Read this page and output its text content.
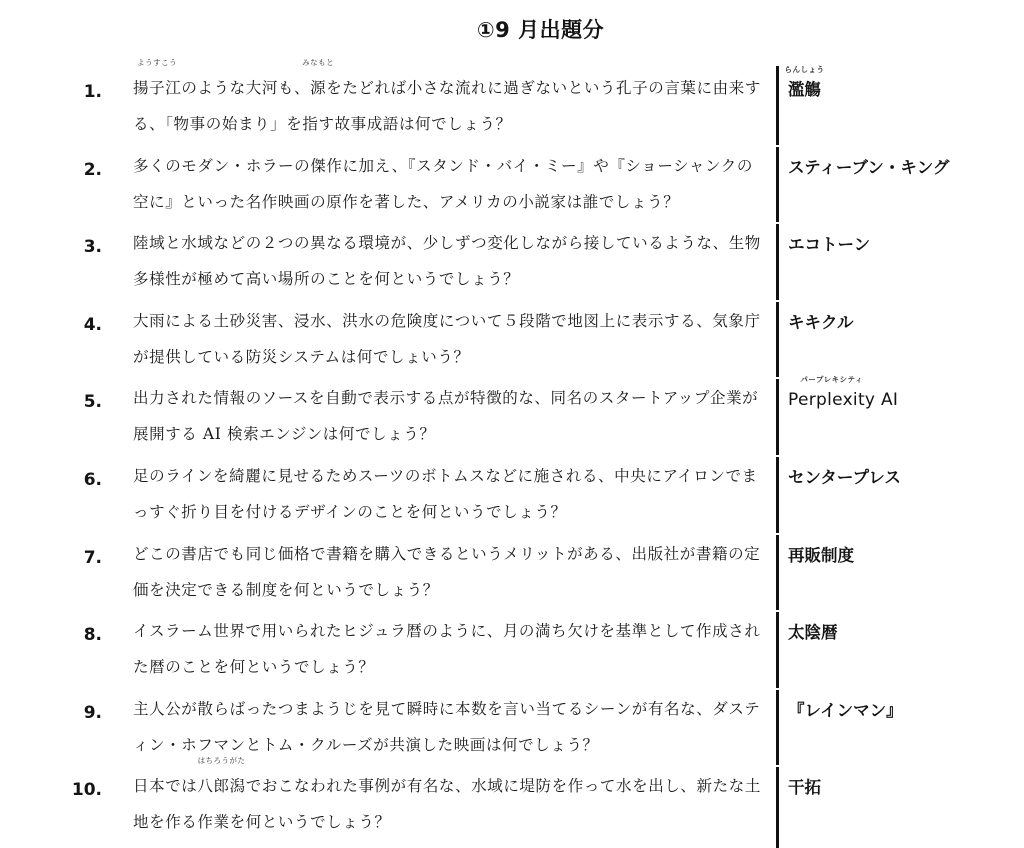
①9 月出題分
1. 揚子江
ようすこう
のような大河も、源
みなもと
をたどれば小さな流れに過ぎないという孔子の言葉に由来する、「物事の始まり」を指す故事成語は何でしょう？

濫觴
らんしょう
2. 多くのモダン・ホラーの傑作に加え、『スタンド・バイ・ミー』や『ショーシャンクの空に』といった名作映画の原作を著した、アメリカの小説家は誰でしょう？

スティーブン・キング
3. 陸域と水域などの２つの異なる環境が、少しずつ変化しながら接しているような、生物多様性が極めて高い場所のことを何というでしょう？

エコトーン
4. 大雨による土砂災害、浸水、洪水の危険度について５段階で地図上に表示する、気象庁が提供している防災システムは何でしょいう？

キキクル
5. 出力された情報のソースを自動で表示する点が特徴的な、同名のスタートアップ企業が展開する AI 検索エンジンは何でしょう？

Perplexity
パープレキシティ
AI
6. 足のラインを綺麗に見せるためスーツのボトムスなどに施される、中央にアイロンでまっすぐ折り目を付けるデザインのことを何というでしょう？

センタープレス
7. どこの書店でも同じ価格で書籍を購入できるというメリットがある、出版社が書籍の定価を決定できる制度を何というでしょう？

再販制度
8. イスラーム世界で用いられたヒジュラ暦のように、月の満ち欠けを基準として作成された暦のことを何というでしょう？

太陰暦
9. 主人公が散らばったつまようじを見て瞬時に本数を言い当てるシーンが有名な、ダスティン・ホフマンとトム・クルーズが共演した映画は何でしょう？

『レインマン』
10. 日本では八郎潟
はちろうがた
でおこなわれた事例が有名な、水域に堤防を作って水を出し、新たな土地を作る作業を何というでしょう？

干拓
